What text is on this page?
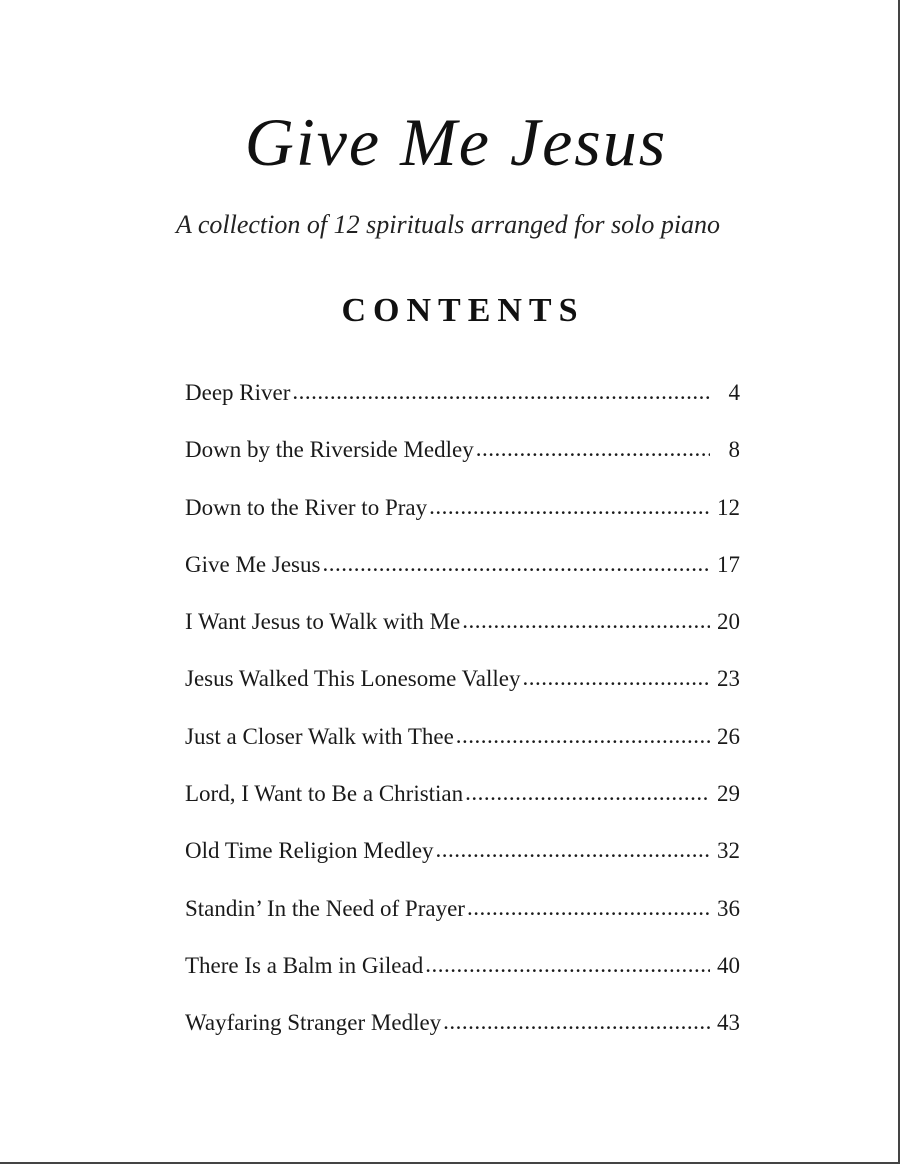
Give Me Jesus
A collection of 12 spirituals arranged for solo piano
CONTENTS
Deep River .....	4
Down by the Riverside Medley .....	8
Down to the River to Pray .....	12
Give Me Jesus .....	17
I Want Jesus to Walk with Me .....	20
Jesus Walked This Lonesome Valley .....	23
Just a Closer Walk with Thee .....	26
Lord, I Want to Be a Christian .....	29
Old Time Religion Medley .....	32
Standin’ In the Need of Prayer .....	36
There Is a Balm in Gilead .....	40
Wayfaring Stranger Medley .....	43
